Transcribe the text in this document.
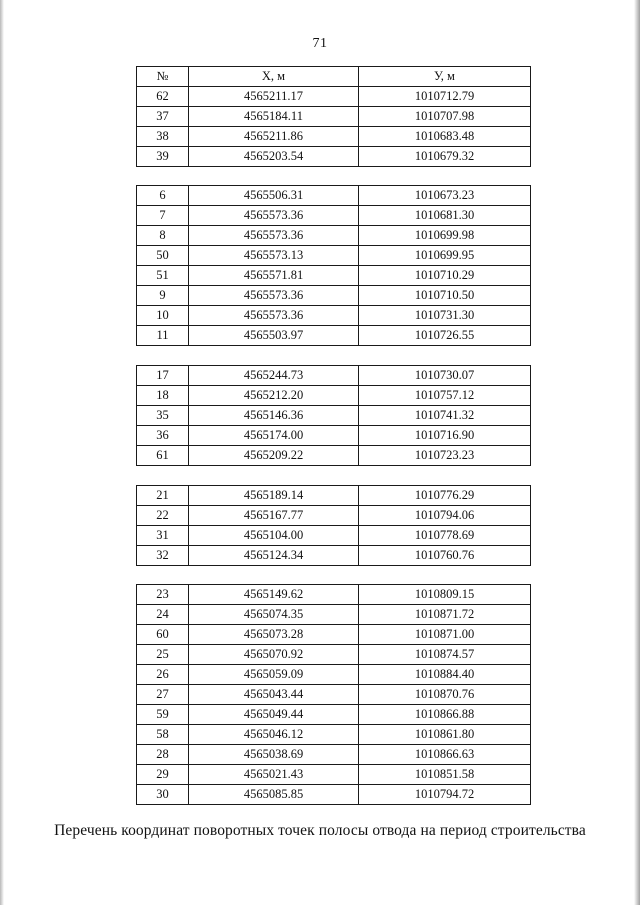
71
№	Х, м	У, м
62	4565211.17	1010712.79
37	4565184.11	1010707.98
38	4565211.86	1010683.48
39	4565203.54	1010679.32
6	4565506.31	1010673.23
7	4565573.36	1010681.30
8	4565573.36	1010699.98
50	4565573.13	1010699.95
51	4565571.81	1010710.29
9	4565573.36	1010710.50
10	4565573.36	1010731.30
11	4565503.97	1010726.55
17	4565244.73	1010730.07
18	4565212.20	1010757.12
35	4565146.36	1010741.32
36	4565174.00	1010716.90
61	4565209.22	1010723.23
21	4565189.14	1010776.29
22	4565167.77	1010794.06
31	4565104.00	1010778.69
32	4565124.34	1010760.76
23	4565149.62	1010809.15
24	4565074.35	1010871.72
60	4565073.28	1010871.00
25	4565070.92	1010874.57
26	4565059.09	1010884.40
27	4565043.44	1010870.76
59	4565049.44	1010866.88
58	4565046.12	1010861.80
28	4565038.69	1010866.63
29	4565021.43	1010851.58
30	4565085.85	1010794.72
Перечень координат поворотных точек полосы отвода на период строительства
